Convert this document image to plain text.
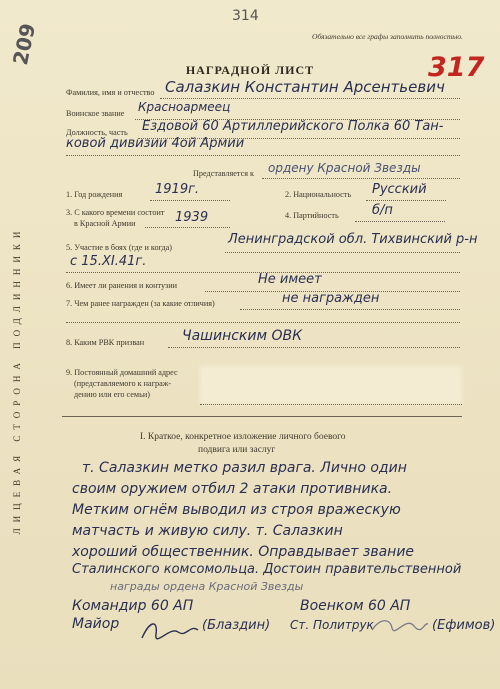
Обязательно все графы заполнить полностью.
314
317
209
НАГРАДНОЙ ЛИСТ
ЛИЦЕВАЯ СТОРОНА ПОДЛИННИКИ
Фамилия, имя и отчество Салазкин Константин Арсентьевич
Воинское звание Красноармеец
Должность, часть Ездовой 60 Артиллерийского Полка 60 Тан-
ковой дивизии 4ой Армии
Представляется к ордену Красной Звезды
1. Год рождения	1919г.	2. Национальность Русский
3. С какого времени состоит
в Красной Армии	1939	4. Партийность	б/п
5. Участие в боях (где и когда)
Ленинградской обл. Тихвинский р-н
с 15.XI.41г.
6. Имеет ли ранения и контузии	Не имеет
7. Чем ранее награжден (за какие отличия)	не награжден
8. Каким РВК призван	Чашинским ОВК
9. Постоянный домашний адрес
(представляемого к награж-
дению или его семьи)
I. Краткое, конкретное изложение личного боевого
подвига или заслуг
т. Салазкин метко разил врага. Лично один
своим оружием отбил 2 атаки противника.
Метким огнём выводил из строя вражескую
матчасть и живую силу. т. Салазкин
хороший общественник. Оправдывает звание
Сталинского комсомольца. Достоин правительственной
награды ордена Красной Звезды
Командир 60 АП	Военком 60 АП
Майор	(Блаздин) Ст. Политрук	(Ефимов)
